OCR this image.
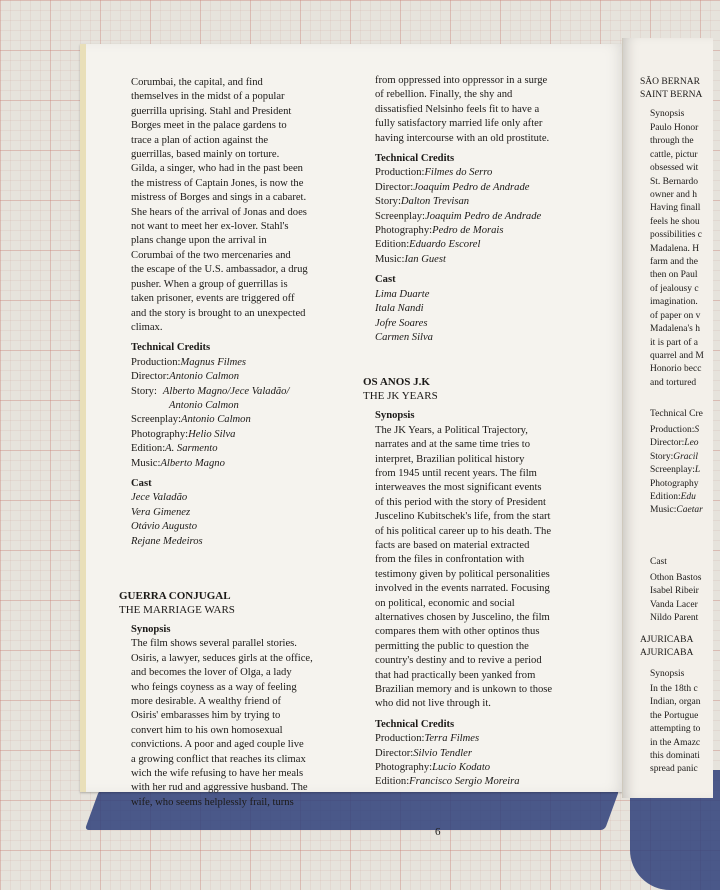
Corumbai, the capital, and find
themselves in the midst of a popular
guerrilla uprising. Stahl and President
Borges meet in the palace gardens to
trace a plan of action against the
guerrillas, based mainly on torture.
Gilda, a singer, who had in the past been
the mistress of Captain Jones, is now the
mistress of Borges and sings in a cabaret.
She hears of the arrival of Jonas and does
not want to meet her ex-lover. Stahl's
plans change upon the arrival in
Corumbai of the two mercenaries and
the escape of the U.S. ambassador, a drug
pusher. When a group of guerrillas is
taken prisoner, events are triggered off
and the story is brought to an unexpected
climax.

Technical Credits

Production:Magnus Filmes
Director:Antonio Calmon
Story: Alberto Magno/Jece Valadão/
Antonio Calmon
Screenplay:Antonio Calmon
Photography:Helio Silva
Edition:A. Sarmento
Music:Alberto Magno

Cast

Jece Valadão
Vera Gimenez
Otávio Augusto
Rejane Medeiros

GUERRA CONJUGAL

THE MARRIAGE WARS

Synopsis

The film shows several parallel stories.
Osiris, a lawyer, seduces girls at the office,
and becomes the lover of Olga, a lady
who feings coyness as a way of feeling
more desirable. A wealthy friend of
Osiris' embarasses him by trying to
convert him to his own homosexual
convictions. A poor and aged couple live
a growing conflict that reaches its climax
wich the wife refusing to have her meals
with her rud and aggressive husband. The
wife, who seems helplessly frail, turns
from oppressed into oppressor in a surge
of rebellion. Finally, the shy and
dissatisfied Nelsinho feels fit to have a
fully satisfactory married life only after
having intercourse with an old prostitute.

Technical Credits

Production:Filmes do Serro
Director:Joaquim Pedro de Andrade
Story:Dalton Trevisan
Screenplay:Joaquim Pedro de Andrade
Photography:Pedro de Morais
Edition:Eduardo Escorel
Music:Ian Guest

Cast

Lima Duarte
Itala Nandi
Jofre Soares
Carmen Silva

OS ANOS J.K

THE JK YEARS

Synopsis

The JK Years, a Political Trajectory,
narrates and at the same time tries to
interpret, Brazilian political history
from 1945 until recent years. The film
interweaves the most significant events
of this period with the story of President
Juscelino Kubitschek's life, from the start
of his political career up to his death. The
facts are based on material extracted
from the files in confrontation with
testimony given by political personalities
involved in the events narrated. Focusing
on political, economic and social
alternatives chosen by Juscelino, the film
compares them with other optinos thus
permitting the public to question the
country's destiny and to revive a period
that had practically been yanked from
Brazilian memory and is unkown to those
who did not live through it.

Technical Credits

Production:Terra Filmes
Director:Silvio Tendler
Photography:Lucio Kodato
Edition:Francisco Sergio Moreira
6
SÃO BERNAR
SAINT BERNA
Synopsis
Paulo Honor
through the
cattle, pictur
obsessed wit
St. Bernardo
owner and h
Having finall
feels he shou
possibilities c
Madalena. H
farm and the
then on Paul
of jealousy c
imagination.
of paper on v
Madalena's h
it is part of a
quarrel and M
Honorio becc
and tortured
Technical Cre
Production:S
Director:Leo
Story:Gracil
Screenplay:L
Photography
Edition:Edu
Music:Caetar
Cast
Othon Bastos
Isabel Ribeir
Vanda Lacer
Nildo Parent
AJURICABA
AJURICABA
Synopsis
In the 18th c
Indian, organ
the Portugue
attempting to
in the Amazc
this dominati
spread panic
